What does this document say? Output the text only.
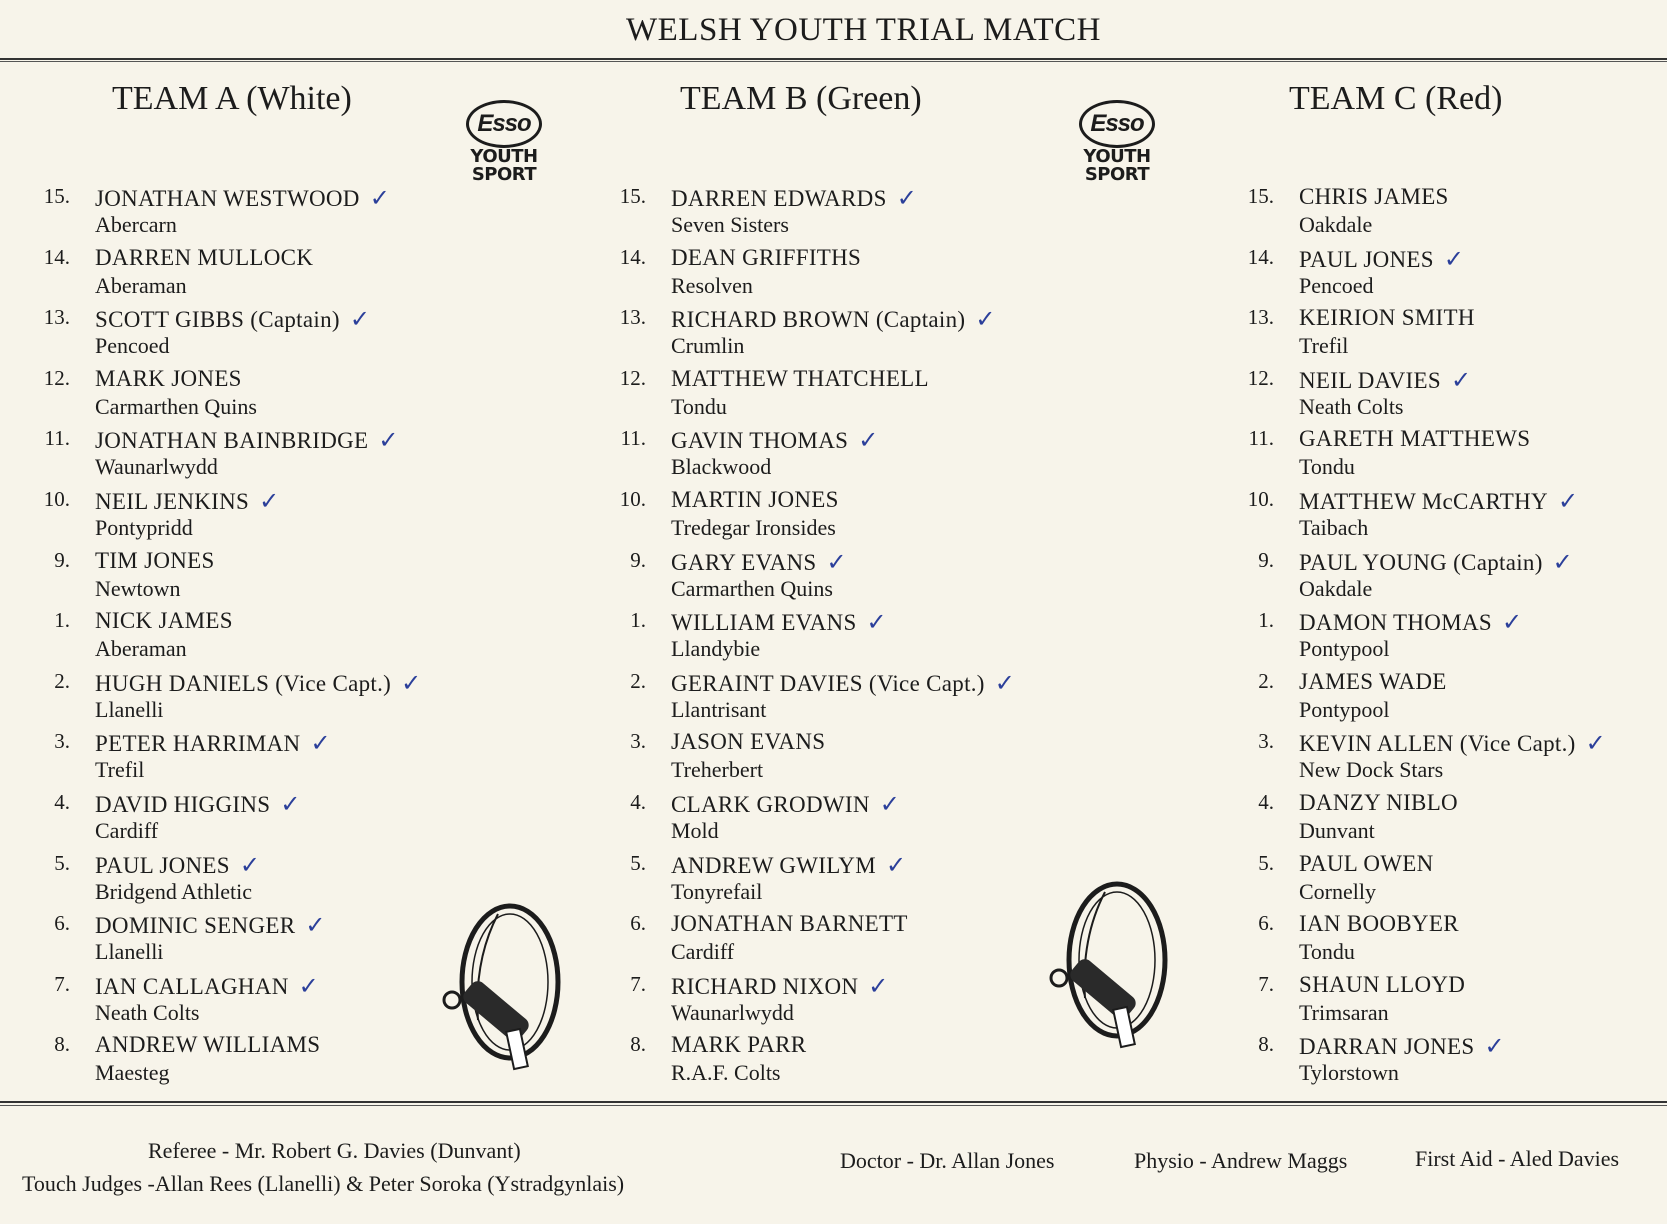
WELSH YOUTH TRIAL MATCH
TEAM A (White)	TEAM B (Green)	TEAM C (Red)
Esso
YOUTH
SPORT
Esso
YOUTH
SPORT
15. JONATHAN WESTWOOD ✓
Abercarn
14. DARREN MULLOCK
Aberaman
13. SCOTT GIBBS (Captain) ✓
Pencoed
12. MARK JONES
Carmarthen Quins
11. JONATHAN BAINBRIDGE ✓
Waunarlwydd
10. NEIL JENKINS ✓
Pontypridd
9. TIM JONES
Newtown
1. NICK JAMES
Aberaman
2. HUGH DANIELS (Vice Capt.) ✓
Llanelli
3. PETER HARRIMAN ✓
Trefil
4. DAVID HIGGINS ✓
Cardiff
5. PAUL JONES ✓
Bridgend Athletic
6. DOMINIC SENGER ✓
Llanelli
7. IAN CALLAGHAN ✓
Neath Colts
8. ANDREW WILLIAMS
Maesteg
15. DARREN EDWARDS ✓
Seven Sisters
14. DEAN GRIFFITHS
Resolven
13. RICHARD BROWN (Captain) ✓
Crumlin
12. MATTHEW THATCHELL
Tondu
11. GAVIN THOMAS ✓
Blackwood
10. MARTIN JONES
Tredegar Ironsides
9. GARY EVANS ✓
Carmarthen Quins
1. WILLIAM EVANS ✓
Llandybie
2. GERAINT DAVIES (Vice Capt.) ✓
Llantrisant
3. JASON EVANS
Treherbert
4. CLARK GRODWIN ✓
Mold
5. ANDREW GWILYM ✓
Tonyrefail
6. JONATHAN BARNETT
Cardiff
7. RICHARD NIXON ✓
Waunarlwydd
8. MARK PARR
R.A.F. Colts
15. CHRIS JAMES
Oakdale
14. PAUL JONES ✓
Pencoed
13. KEIRION SMITH
Trefil
12. NEIL DAVIES ✓
Neath Colts
11. GARETH MATTHEWS
Tondu
10. MATTHEW McCARTHY ✓
Taibach
9. PAUL YOUNG (Captain) ✓
Oakdale
1. DAMON THOMAS ✓
Pontypool
2. JAMES WADE
Pontypool
3. KEVIN ALLEN (Vice Capt.) ✓
New Dock Stars
4. DANZY NIBLO
Dunvant
5. PAUL OWEN
Cornelly
6. IAN BOOBYER
Tondu
7. SHAUN LLOYD
Trimsaran
8. DARRAN JONES ✓
Tylorstown
Referee - Mr. Robert G. Davies (Dunvant)
Touch Judges -Allan Rees (Llanelli) & Peter Soroka (Ystradgynlais)
Doctor - Dr. Allan Jones	Physio - Andrew Maggs	First Aid - Aled Davies
